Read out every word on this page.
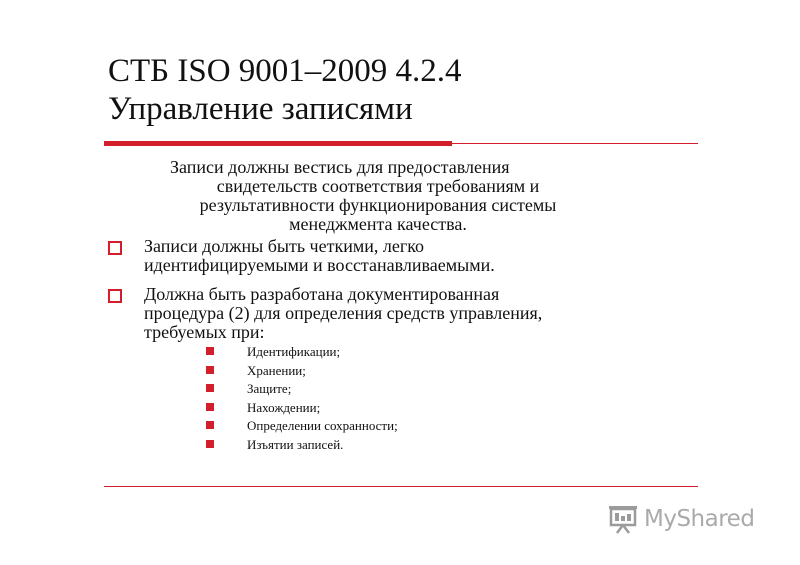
СТБ ISO 9001–2009 4.2.4
Управление записями

Записи должны вестись для предоставления
свидетельств соответствия требованиям и результативности функционирования системы менеджмента качества.

Записи должны быть четкими, легко идентифицируемыми и восстанавливаемыми.
Должна быть разработана документированная процедура (2) для определения средств управления, требуемых при:
Идентификации;
Хранении;
Защите;
Нахождении;
Определении сохранности;
Изъятии записей.
MyShared
